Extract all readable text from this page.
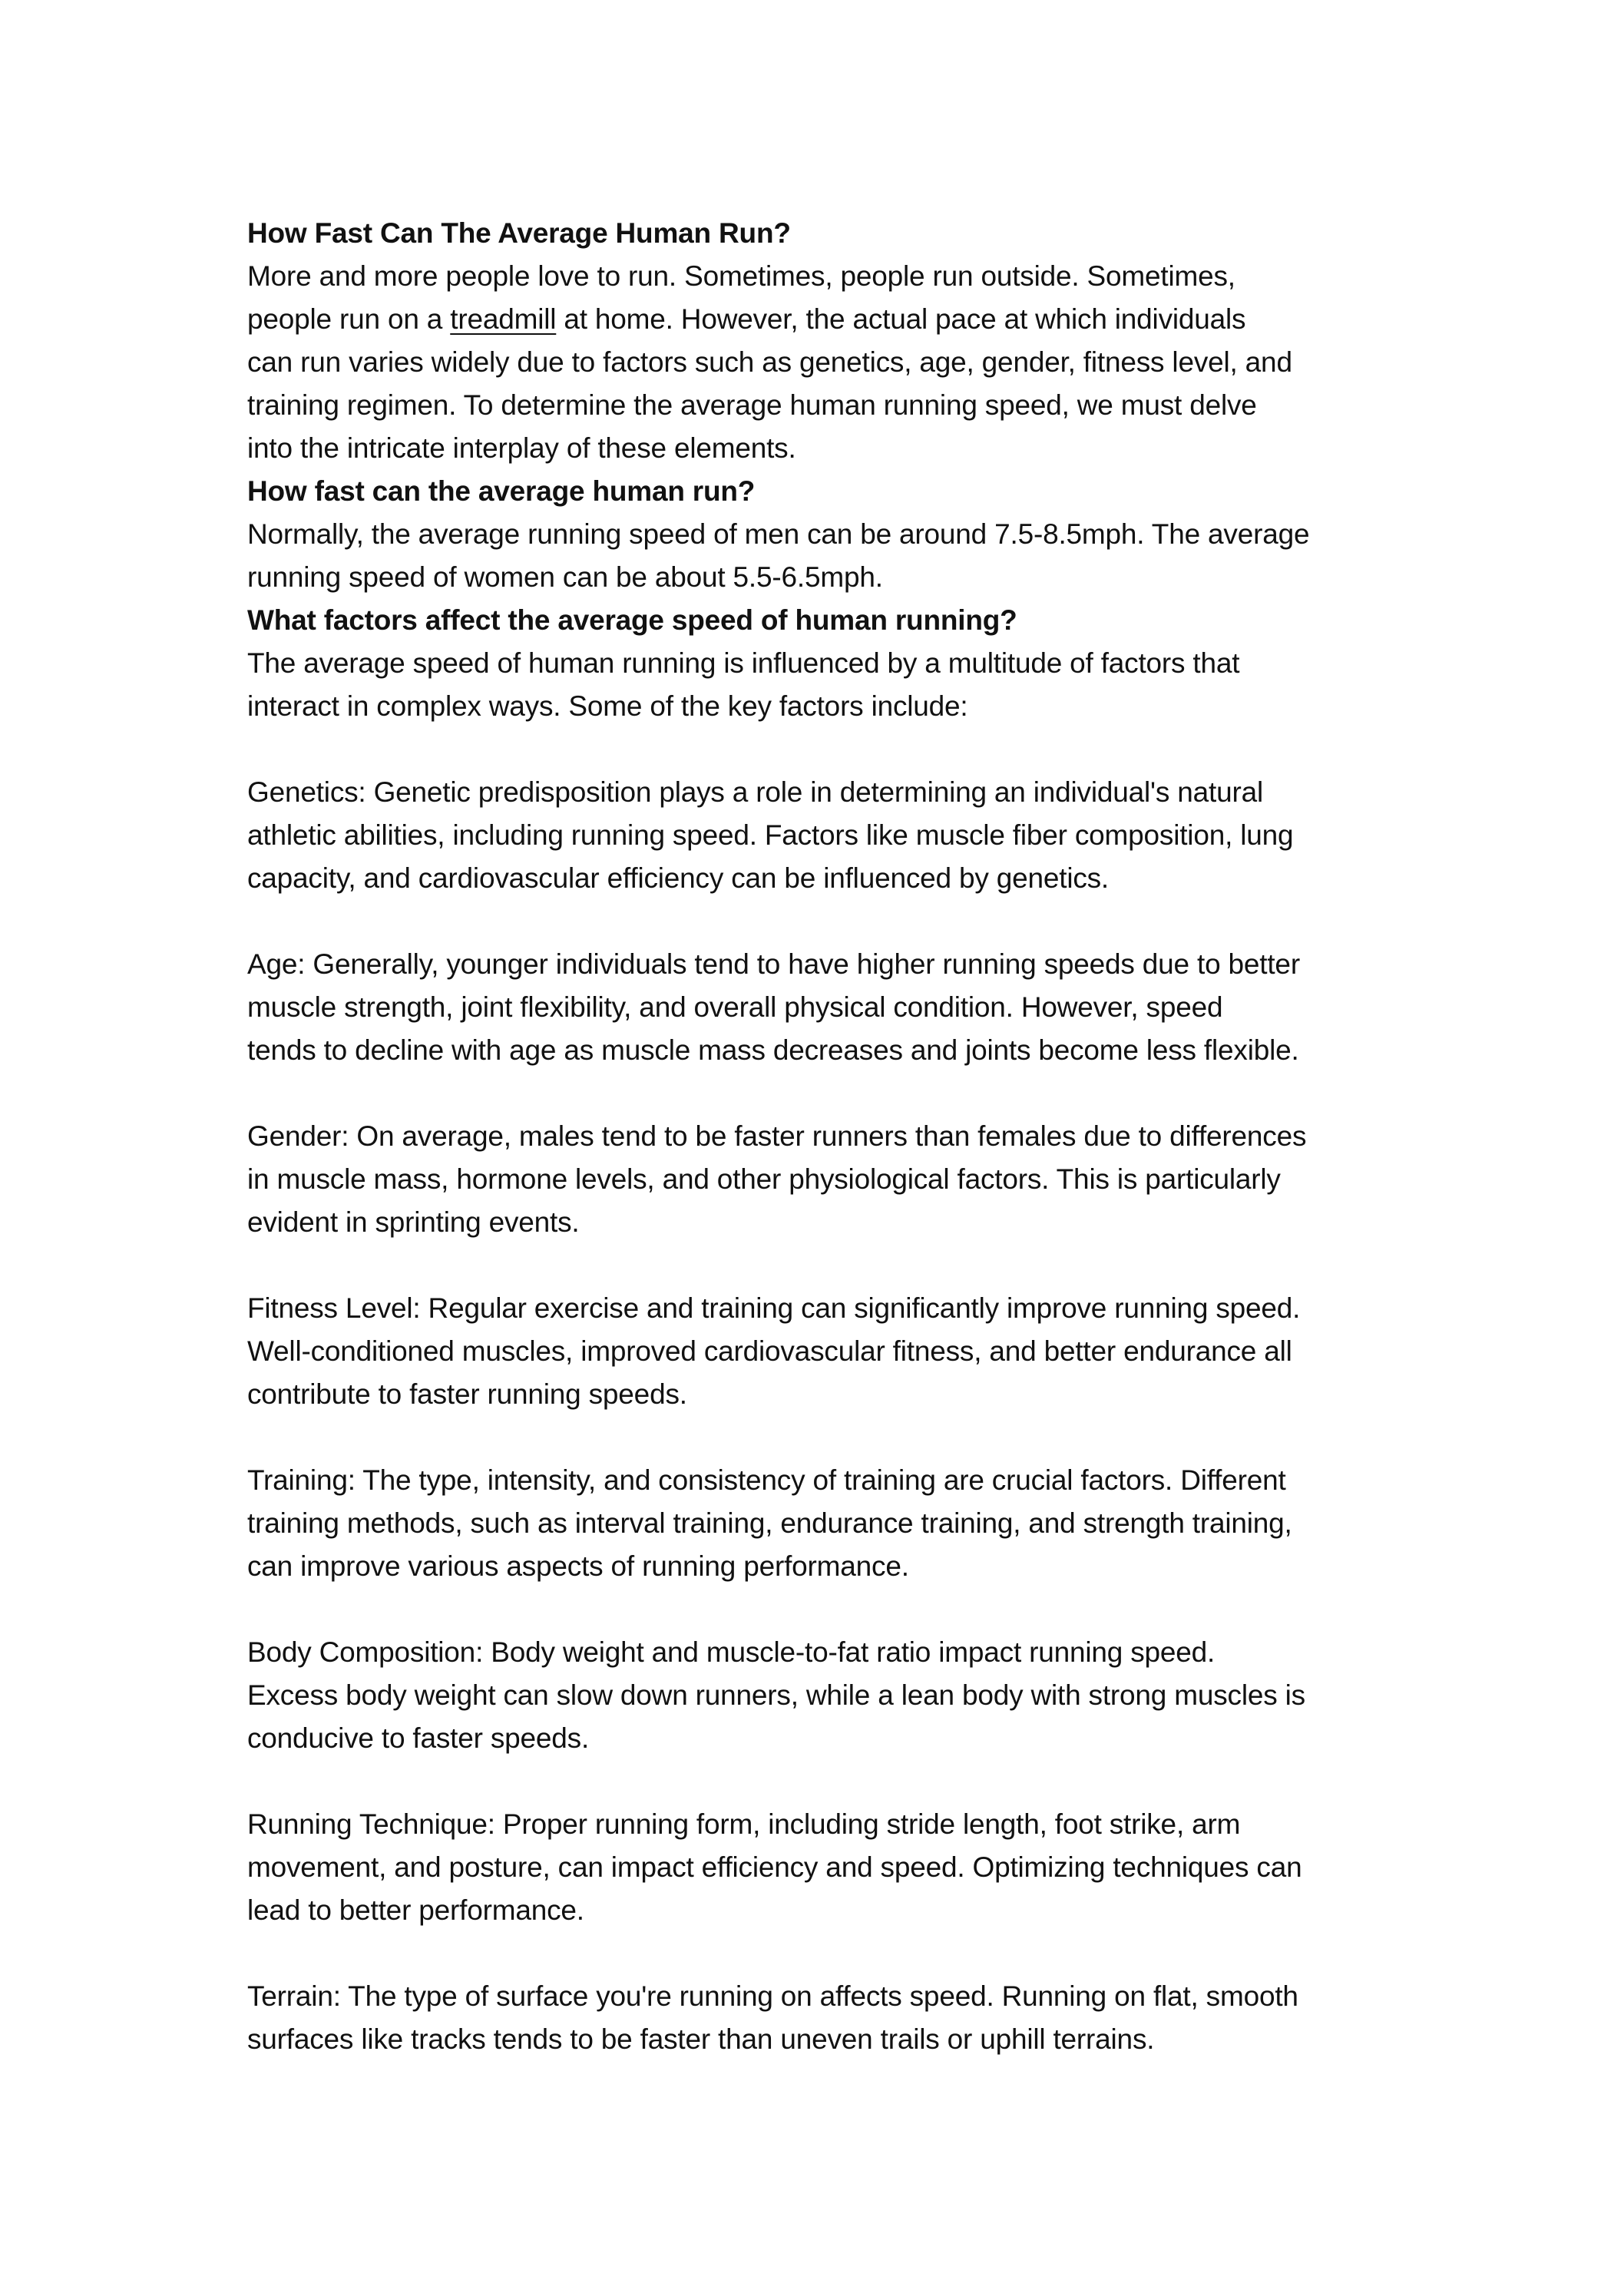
How Fast Can The Average Human Run?
More and more people love to run. Sometimes, people run outside. Sometimes,
people run on a treadmill at home. However, the actual pace at which individuals
can run varies widely due to factors such as genetics, age, gender, fitness level, and
training regimen. To determine the average human running speed, we must delve
into the intricate interplay of these elements.
How fast can the average human run?
Normally, the average running speed of men can be around 7.5-8.5mph. The average
running speed of women can be about 5.5-6.5mph.
What factors affect the average speed of human running?
The average speed of human running is influenced by a multitude of factors that
interact in complex ways. Some of the key factors include:
Genetics: Genetic predisposition plays a role in determining an individual's natural
athletic abilities, including running speed. Factors like muscle fiber composition, lung
capacity, and cardiovascular efficiency can be influenced by genetics.
Age: Generally, younger individuals tend to have higher running speeds due to better
muscle strength, joint flexibility, and overall physical condition. However, speed
tends to decline with age as muscle mass decreases and joints become less flexible.
Gender: On average, males tend to be faster runners than females due to differences
in muscle mass, hormone levels, and other physiological factors. This is particularly
evident in sprinting events.
Fitness Level: Regular exercise and training can significantly improve running speed.
Well-conditioned muscles, improved cardiovascular fitness, and better endurance all
contribute to faster running speeds.
Training: The type, intensity, and consistency of training are crucial factors. Different
training methods, such as interval training, endurance training, and strength training,
can improve various aspects of running performance.
Body Composition: Body weight and muscle-to-fat ratio impact running speed.
Excess body weight can slow down runners, while a lean body with strong muscles is
conducive to faster speeds.
Running Technique: Proper running form, including stride length, foot strike, arm
movement, and posture, can impact efficiency and speed. Optimizing techniques can
lead to better performance.
Terrain: The type of surface you're running on affects speed. Running on flat, smooth
surfaces like tracks tends to be faster than uneven trails or uphill terrains.
